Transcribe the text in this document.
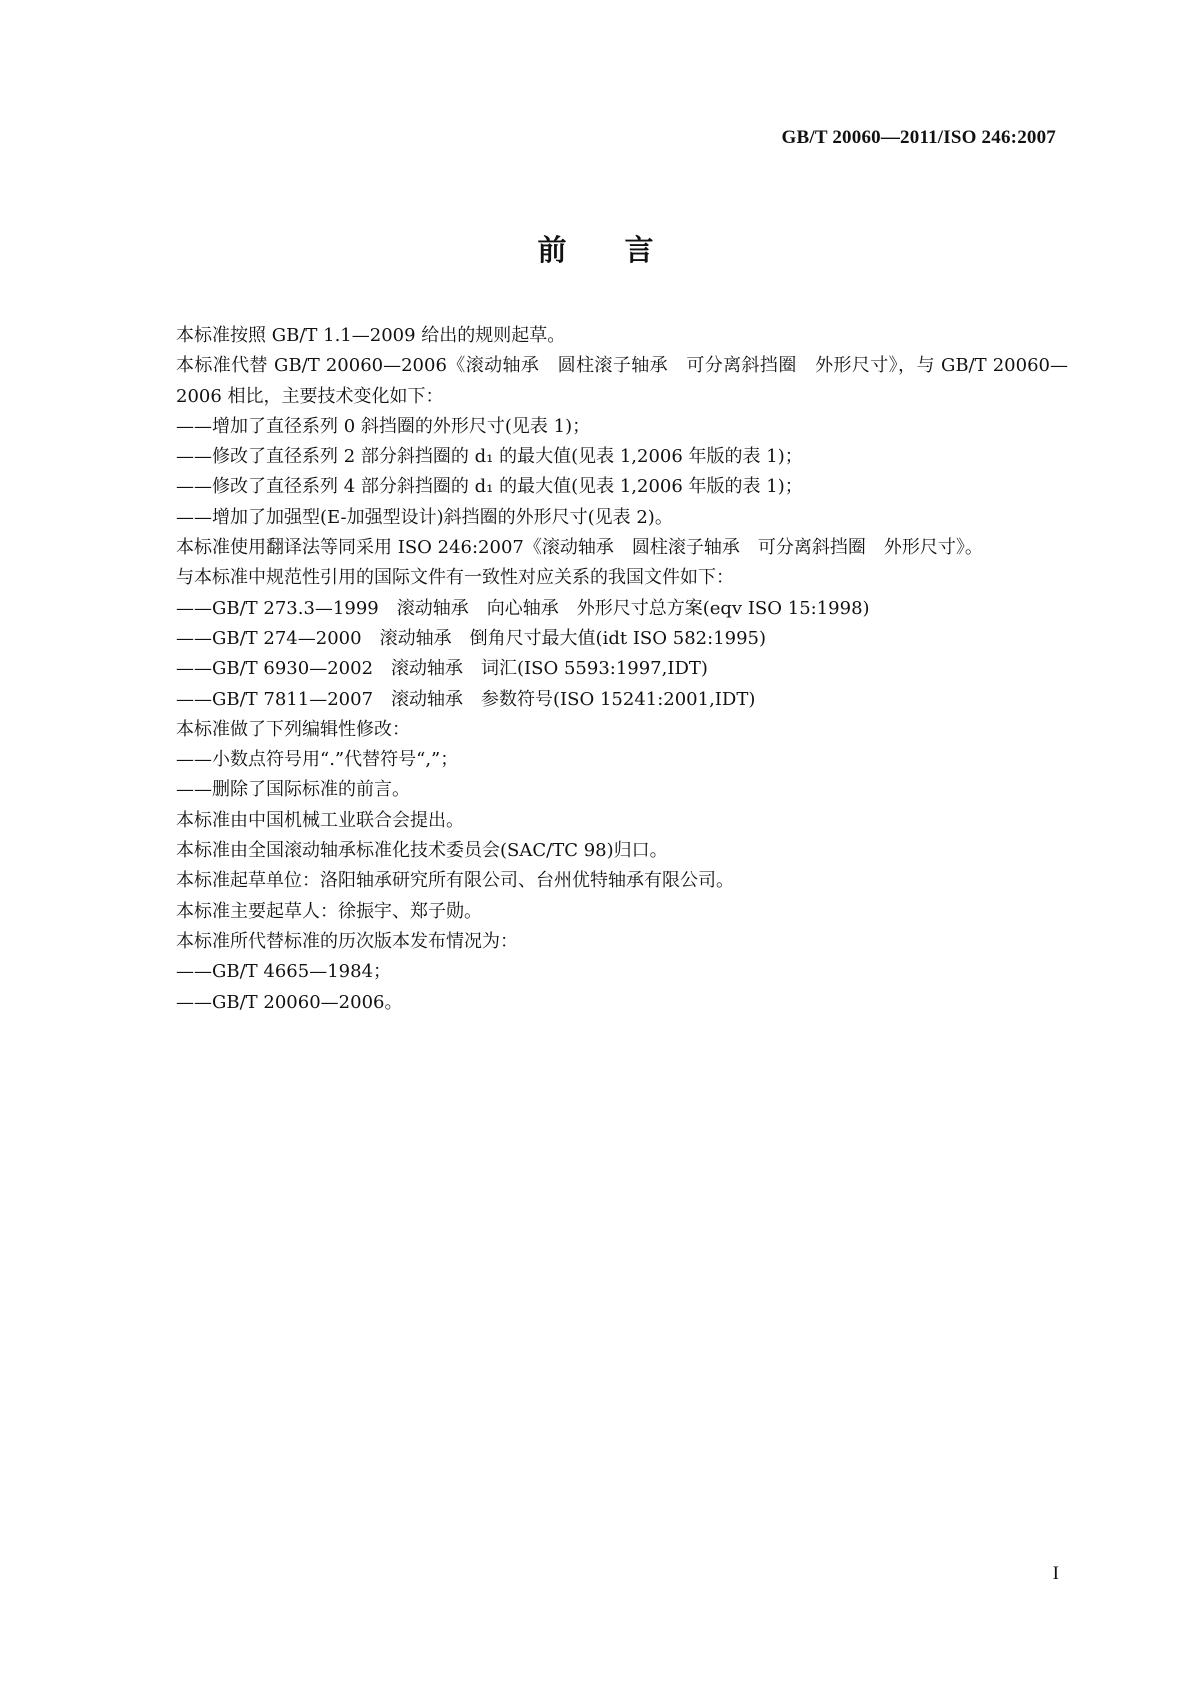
GB/T 20060—2011/ISO 246:2007
前言

本标准按照 GB/T 1.1—2009 给出的规则起草。

本标准代替 GB/T 20060—2006《滚动轴承　圆柱滚子轴承　可分离斜挡圈　外形尺寸》，与 GB/T 20060—2006 相比，主要技术变化如下：

——增加了直径系列 0 斜挡圈的外形尺寸(见表 1)；

——修改了直径系列 2 部分斜挡圈的 d₁ 的最大值(见表 1,2006 年版的表 1)；

——修改了直径系列 4 部分斜挡圈的 d₁ 的最大值(见表 1,2006 年版的表 1)；

——增加了加强型(E-加强型设计)斜挡圈的外形尺寸(见表 2)。

本标准使用翻译法等同采用 ISO 246:2007《滚动轴承　圆柱滚子轴承　可分离斜挡圈　外形尺寸》。

与本标准中规范性引用的国际文件有一致性对应关系的我国文件如下：

——GB/T 273.3—1999　滚动轴承　向心轴承　外形尺寸总方案(eqv ISO 15:1998)

——GB/T 274—2000　滚动轴承　倒角尺寸最大值(idt ISO 582:1995)

——GB/T 6930—2002　滚动轴承　词汇(ISO 5593:1997,IDT)

——GB/T 7811—2007　滚动轴承　参数符号(ISO 15241:2001,IDT)

本标准做了下列编辑性修改：

——小数点符号用“.”代替符号“,”；

——删除了国际标准的前言。

本标准由中国机械工业联合会提出。

本标准由全国滚动轴承标准化技术委员会(SAC/TC 98)归口。

本标准起草单位：洛阳轴承研究所有限公司、台州优特轴承有限公司。

本标准主要起草人：徐振宇、郑子勋。

本标准所代替标准的历次版本发布情况为：

——GB/T 4665—1984；

——GB/T 20060—2006。

I
